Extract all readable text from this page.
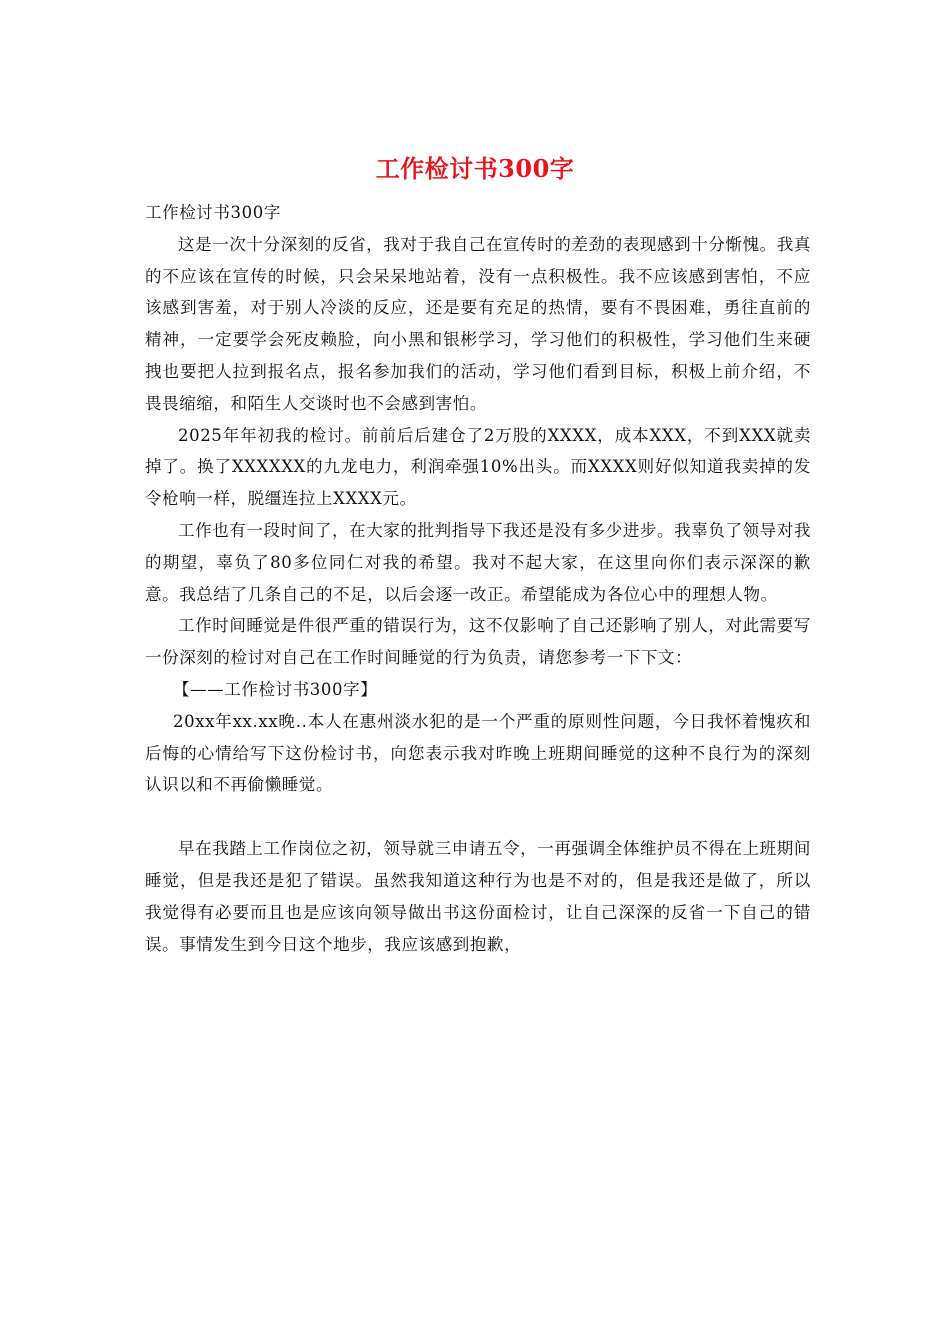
工作检讨书300字

工作检讨书300字

这是一次十分深刻的反省，我对于我自己在宣传时的差劲的表现感到十分惭愧。我真的不应该在宣传的时候，只会呆呆地站着，没有一点积极性。我不应该感到害怕，不应该感到害羞，对于别人冷淡的反应，还是要有充足的热情，要有不畏困难，勇往直前的精神，一定要学会死皮赖脸，向小黑和银彬学习，学习他们的积极性，学习他们生来硬拽也要把人拉到报名点，报名参加我们的活动，学习他们看到目标，积极上前介绍，不畏畏缩缩，和陌生人交谈时也不会感到害怕。

2025年年初我的检讨。前前后后建仓了2万股的XXXX，成本XXX，不到XXX就卖掉了。换了XXXXXX的九龙电力，利润牵强10%出头。而XXXX则好似知道我卖掉的发令枪响一样，脱缰连拉上XXXX元。

工作也有一段时间了，在大家的批判指导下我还是没有多少进步。我辜负了领导对我的期望，辜负了80多位同仁对我的希望。我对不起大家，在这里向你们表示深深的歉意。我总结了几条自己的不足，以后会逐一改正。希望能成为各位心中的理想人物。

工作时间睡觉是件很严重的错误行为，这不仅影响了自己还影响了别人，对此需要写一份深刻的检讨对自己在工作时间睡觉的行为负责，请您参考一下下文：

【——工作检讨书300字】

20xx年xx.xx晚..本人在惠州淡水犯的是一个严重的原则性问题，今日我怀着愧疚和后悔的心情给写下这份检讨书，向您表示我对昨晚上班期间睡觉的这种不良行为的深刻认识以和不再偷懒睡觉。

早在我踏上工作岗位之初，领导就三申请五令，一再强调全体维护员不得在上班期间睡觉，但是我还是犯了错误。虽然我知道这种行为也是不对的，但是我还是做了，所以我觉得有必要而且也是应该向领导做出书这份面检讨，让自己深深的反省一下自己的错误。事情发生到今日这个地步，我应该感到抱歉，
